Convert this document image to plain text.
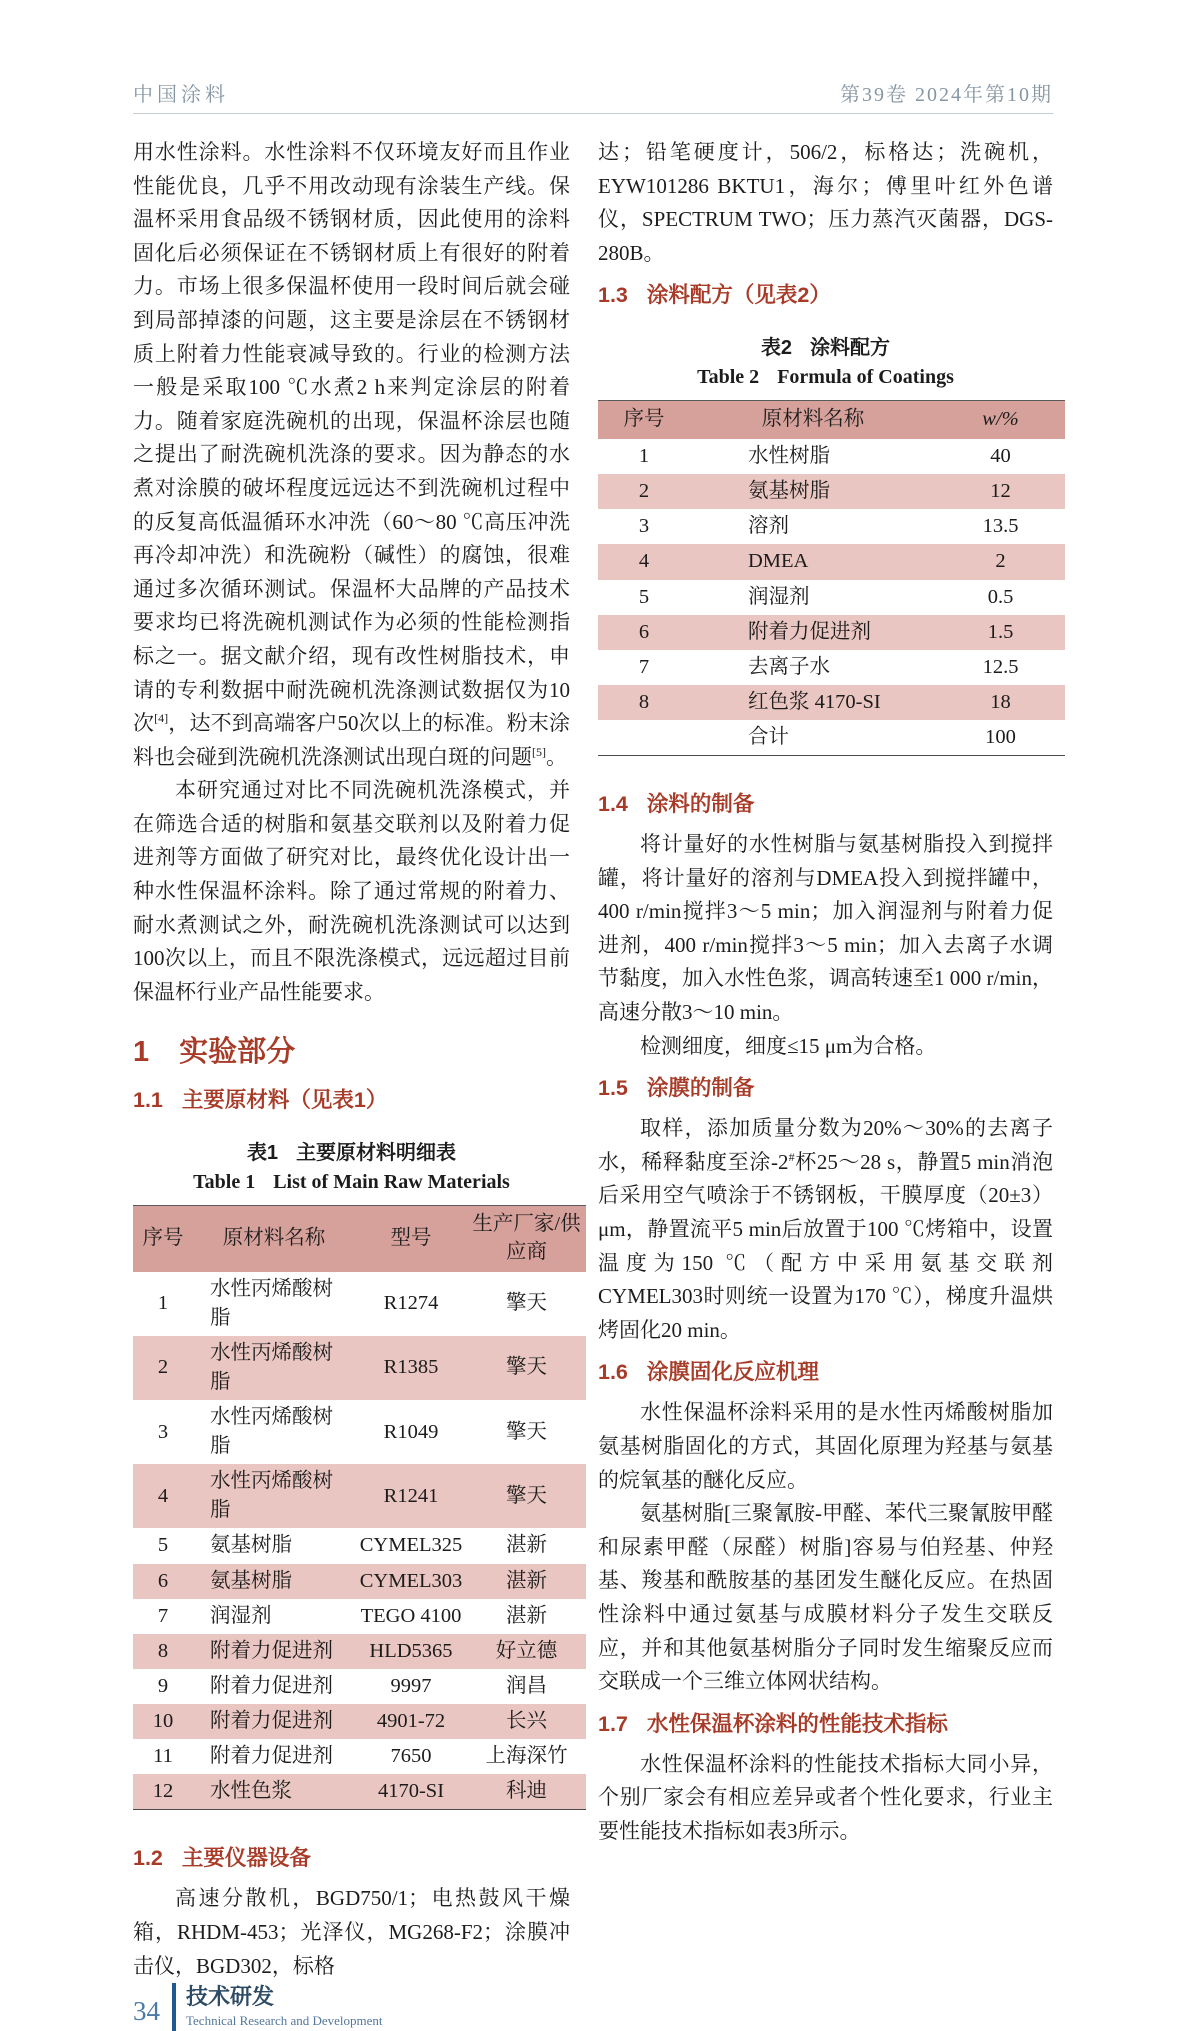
中国涂料	第39卷 2024年第10期

用水性涂料。水性涂料不仅环境友好而且作业性能优良，几乎不用改动现有涂装生产线。保温杯采用食品级不锈钢材质，因此使用的涂料固化后必须保证在不锈钢材质上有很好的附着力。市场上很多保温杯使用一段时间后就会碰到局部掉漆的问题，这主要是涂层在不锈钢材质上附着力性能衰减导致的。行业的检测方法一般是采取100 ℃水煮2 h来判定涂层的附着力。随着家庭洗碗机的出现，保温杯涂层也随之提出了耐洗碗机洗涤的要求。因为静态的水煮对涂膜的破坏程度远远达不到洗碗机过程中的反复高低温循环水冲洗（60～80 ℃高压冲洗再冷却冲洗）和洗碗粉（碱性）的腐蚀，很难通过多次循环测试。保温杯大品牌的产品技术要求均已将洗碗机测试作为必须的性能检测指标之一。据文献介绍，现有改性树脂技术，申请的专利数据中耐洗碗机洗涤测试数据仅为10次[4]，达不到高端客户50次以上的标准。粉末涂料也会碰到洗碗机洗涤测试出现白斑的问题[5]。

本研究通过对比不同洗碗机洗涤模式，并在筛选合适的树脂和氨基交联剂以及附着力促进剂等方面做了研究对比，最终优化设计出一种水性保温杯涂料。除了通过常规的附着力、耐水煮测试之外，耐洗碗机洗涤测试可以达到100次以上，而且不限洗涤模式，远远超过目前保温杯行业产品性能要求。

1 实验部分
1.1 主要原材料（见表1）
表1 主要原材料明细表
Table 1 List of Main Raw Materials
序号	原材料名称	型号	生产厂家/供应商
1	水性丙烯酸树脂	R1274	擎天
2	水性丙烯酸树脂	R1385	擎天
3	水性丙烯酸树脂	R1049	擎天
4	水性丙烯酸树脂	R1241	擎天
5	氨基树脂	CYMEL325	湛新
6	氨基树脂	CYMEL303	湛新
7	润湿剂	TEGO 4100	湛新
8	附着力促进剂	HLD5365	好立德
9	附着力促进剂	9997	润昌
10	附着力促进剂	4901-72	长兴
11	附着力促进剂	7650	上海深竹
12	水性色浆	4170-SI	科迪
1.2 主要仪器设备

高速分散机，BGD750/1；电热鼓风干燥箱，RHDM-453；光泽仪，MG268-F2；涂膜冲击仪，BGD302，标格

达；铅笔硬度计，506/2，标格达；洗碗机，EYW101286 BKTU1，海尔；傅里叶红外色谱仪，SPECTRUM TWO；压力蒸汽灭菌器，DGS-280B。

1.3 涂料配方（见表2）
表2 涂料配方
Table 2 Formula of Coatings
序号	原材料名称	w/%
1	水性树脂	40
2	氨基树脂	12
3	溶剂	13.5
4	DMEA	2
5	润湿剂	0.5
6	附着力促进剂	1.5
7	去离子水	12.5
8	红色浆 4170-SI	18
	合计	100
1.4 涂料的制备

将计量好的水性树脂与氨基树脂投入到搅拌罐，将计量好的溶剂与DMEA投入到搅拌罐中，400 r/min搅拌3～5 min；加入润湿剂与附着力促进剂，400 r/min搅拌3～5 min；加入去离子水调节黏度，加入水性色浆，调高转速至1 000 r/min，高速分散3～10 min。

检测细度，细度≤15 μm为合格。

1.5 涂膜的制备

取样，添加质量分数为20%～30%的去离子水，稀释黏度至涂-2#杯25～28 s，静置5 min消泡后采用空气喷涂于不锈钢板，干膜厚度（20±3） μm，静置流平5 min后放置于100 ℃烤箱中，设置温度为150 ℃（配方中采用氨基交联剂CYMEL303时则统一设置为170 ℃），梯度升温烘烤固化20 min。

1.6 涂膜固化反应机理

水性保温杯涂料采用的是水性丙烯酸树脂加氨基树脂固化的方式，其固化原理为羟基与氨基的烷氧基的醚化反应。

氨基树脂[三聚氰胺-甲醛、苯代三聚氰胺甲醛和尿素甲醛（尿醛）树脂]容易与伯羟基、仲羟基、羧基和酰胺基的基团发生醚化反应。在热固性涂料中通过氨基与成膜材料分子发生交联反应，并和其他氨基树脂分子同时发生缩聚反应而交联成一个三维立体网状结构。

1.7 水性保温杯涂料的性能技术指标

水性保温杯涂料的性能技术指标大同小异，个别厂家会有相应差异或者个性化要求，行业主要性能技术指标如表3所示。

34 技术研发
Technical Research and Development
